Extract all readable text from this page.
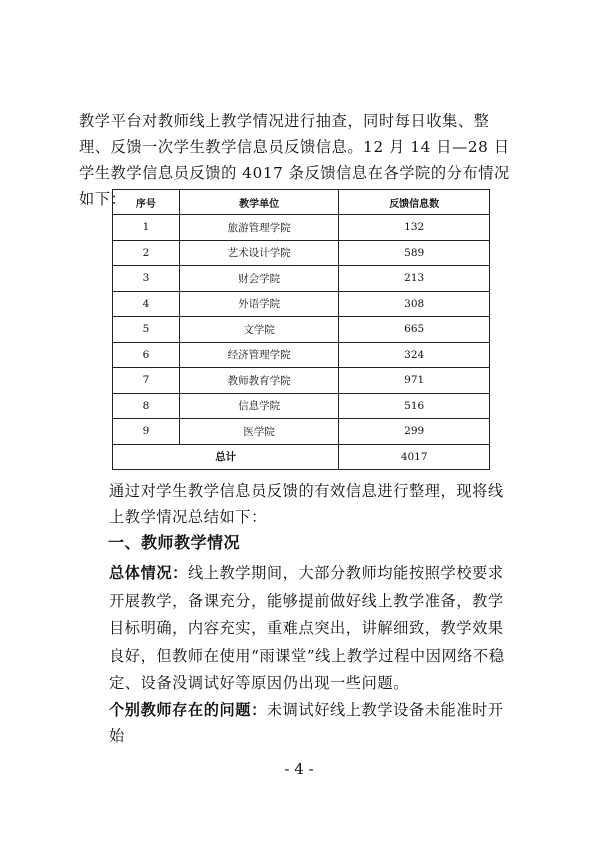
教学平台对教师线上教学情况进行抽查，同时每日收集、整理、反馈一次学生教学信息员反馈信息。12 月 14 日—28 日学生教学信息员反馈的 4017 条反馈信息在各学院的分布情况如下： 序号	教学单位	反馈信息数
1	旅游管理学院	132
2	艺术设计学院	589
3	财会学院	213
4	外语学院	308
5	文学院	665
6	经济管理学院	324
7	教师教育学院	971
8	信息学院	516
9	医学院	299
总计		4017
通过对学生教学信息员反馈的有效信息进行整理，现将线上教学情况总结如下：
一、教师教学情况
总体情况：线上教学期间，大部分教师均能按照学校要求开展教学，备课充分，能够提前做好线上教学准备，教学目标明确，内容充实，重难点突出，讲解细致，教学效果良好，但教师在使用“雨课堂”线上教学过程中因网络不稳定、设备没调试好等原因仍出现一些问题。
个别教师存在的问题：未调试好线上教学设备未能准时开始
- 4 -
